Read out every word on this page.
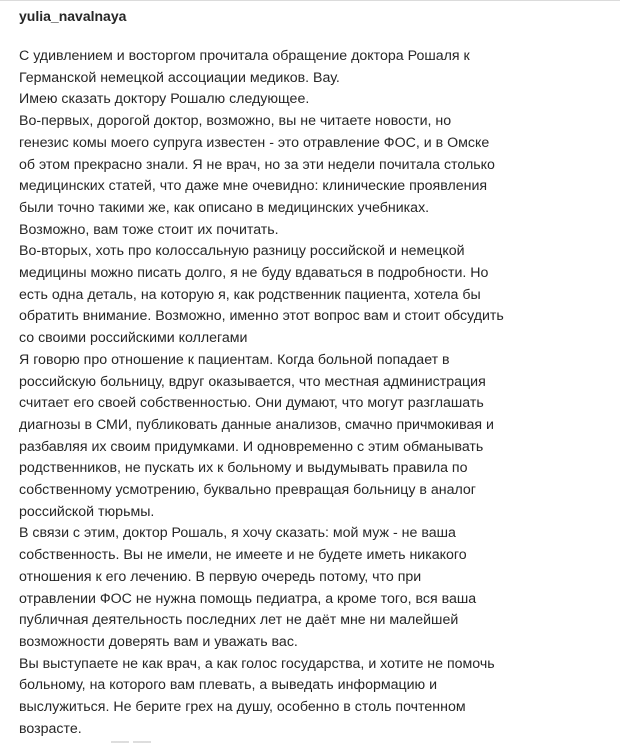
yulia_navalnaya
С удивлением и восторгом прочитала обращение доктора Рошаля к
Германской немецкой ассоциации медиков. Вау.
Имею сказать доктору Рошалю следующее.
Во-первых, дорогой доктор, возможно, вы не читаете новости, но
генезис комы моего супруга известен - это отравление ФОС, и в Омске
об этом прекрасно знали. Я не врач, но за эти недели почитала столько
медицинских статей, что даже мне очевидно: клинические проявления
были точно такими же, как описано в медицинских учебниках.
Возможно, вам тоже стоит их почитать.
Во-вторых, хоть про колоссальную разницу российской и немецкой
медицины можно писать долго, я не буду вдаваться в подробности. Но
есть одна деталь, на которую я, как родственник пациента, хотела бы
обратить внимание. Возможно, именно этот вопрос вам и стоит обсудить
со своими российскими коллегами
Я говорю про отношение к пациентам. Когда больной попадает в
российскую больницу, вдруг оказывается, что местная администрация
считает его своей собственностью. Они думают, что могут разглашать
диагнозы в СМИ, публиковать данные анализов, смачно причмокивая и
разбавляя их своим придумками. И одновременно с этим обманывать
родственников, не пускать их к больному и выдумывать правила по
собственному усмотрению, буквально превращая больницу в аналог
российской тюрьмы.
В связи с этим, доктор Рошаль, я хочу сказать: мой муж - не ваша
собственность. Вы не имели, не имеете и не будете иметь никакого
отношения к его лечению. В первую очередь потому, что при
отравлении ФОС не нужна помощь педиатра, а кроме того, вся ваша
публичная деятельность последних лет не даёт мне ни малейшей
возможности доверять вам и уважать вас.
Вы выступаете не как врач, а как голос государства, и хотите не помочь
больному, на которого вам плевать, а выведать информацию и
выслужиться. Не берите грех на душу, особенно в столь почтенном
возрасте.
